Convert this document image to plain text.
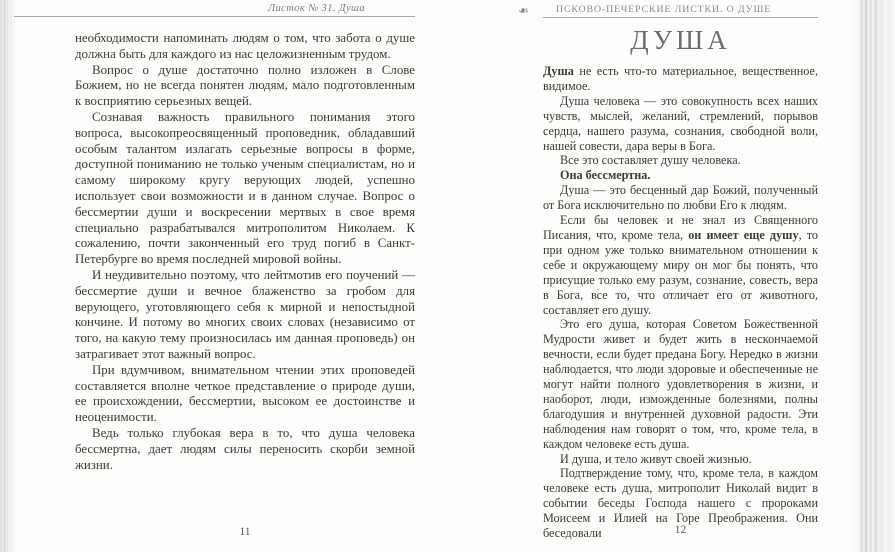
Листок № 31. Душа

необходимости напоминать людям о том, что забота о душе должна быть для каждого из нас целожизненным трудом.

Вопрос о душе достаточно полно изложен в Слове Божием, но не всегда понятен людям, мало подготовленным к восприятию серьезных вещей.

Сознавая важность правильного понимания этого вопроса, высокопреосвященный проповедник, обладавший особым талантом излагать серьезные вопросы в форме, доступной пониманию не только ученым специалистам, но и самому широкому кругу верующих людей, успешно использует свои возможности и в данном случае. Вопрос о бессмертии души и воскресении мертвых в свое время специально разрабатывался митрополитом Николаем. К сожалению, почти законченный его труд погиб в Санкт-Петербурге во время последней мировой войны.

И неудивительно поэтому, что лейтмотив его поучений — бессмертие души и вечное блаженство за гробом для верующего, уготовляющего себя к мирной и непостыдной кончине. И потому во многих своих словах (независимо от того, на какую тему произносилась им данная проповедь) он затрагивает этот важный вопрос.

При вдумчивом, внимательном чтении этих проповедей составляется вполне четкое представление о природе души, ее происхождении, бессмертии, высоком ее достоинстве и неоценимости.

Ведь только глубокая вера в то, что душа человека бессмертна, дает людям силы переносить скорби земной жизни.

11
❧	ПСКОВО-ПЕЧЕРСКИЕ ЛИСТКИ. О ДУШЕ
ДУША

Душа не есть что-то материальное, вещественное, видимое.

Душа человека — это совокупность всех наших чувств, мыслей, желаний, стремлений, порывов сердца, нашего разума, сознания, свободной воли, нашей совести, дара веры в Бога.

Все это составляет душу человека.

Она бессмертна.

Душа — это бесценный дар Божий, полученный от Бога исключительно по любви Его к людям.

Если бы человек и не знал из Священного Писания, что, кроме тела, он имеет еще душу, то при одном уже только внимательном отношении к себе и окружающему миру он мог бы понять, что присущие только ему разум, сознание, совесть, вера в Бога, все то, что отличает его от животного, составляет его душу.

Это его душа, которая Советом Божественной Мудрости живет и будет жить в нескончаемой вечности, если будет предана Богу. Нередко в жизни наблюдается, что люди здоровые и обеспеченные не могут найти полного удовлетворения в жизни, и наоборот, люди, изможденные болезнями, полны благодушия и внутренней духовной радости. Эти наблюдения нам говорят о том, что, кроме тела, в каждом человеке есть душа.

И душа, и тело живут своей жизнью.

Подтверждение тому, что, кроме тела, в каждом человеке есть душа, митрополит Николай видит в событии беседы Господа нашего с пророками Моисеем и Илией на Горе Преображения. Они беседовали	12
